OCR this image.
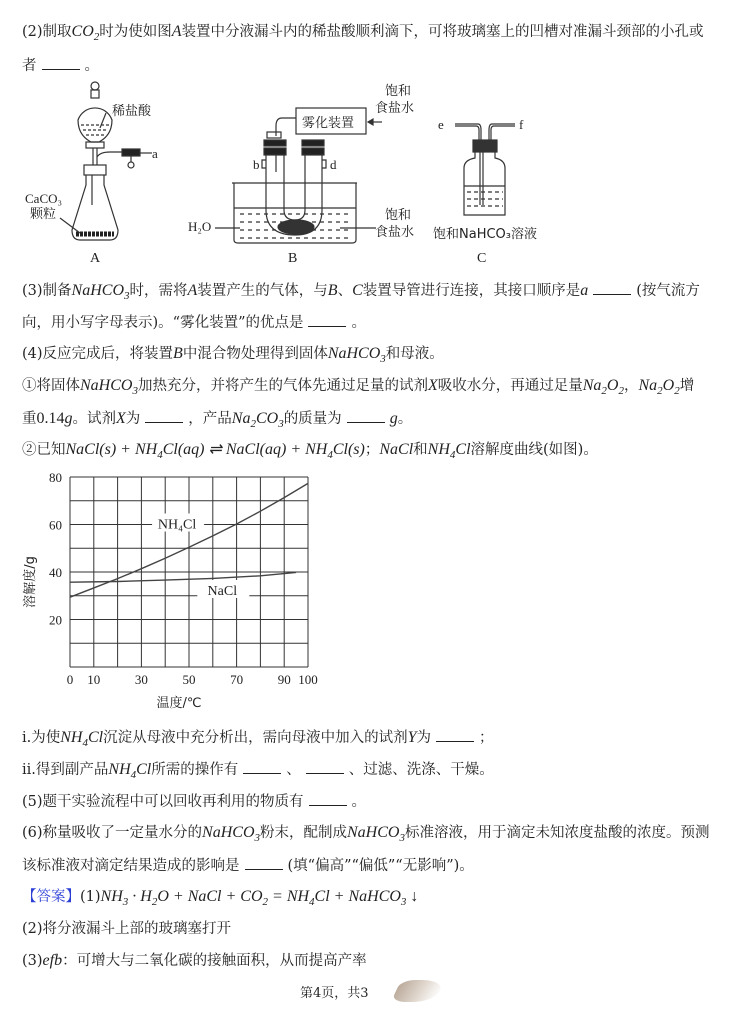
(2)制取$CO_2$时为使如图A装置中分液漏斗内的稀盐酸顺利滴下，可将玻璃塞上的凹槽对准漏斗颈部的小孔或
者	。
(3)制备NaHCO$_3$时，需将A装置产生的气体，与B、C装置导管进行连接，其接口顺序是a	(按气流方
向，用小写字母表示)。“雾化装置”的优点是	。
(4)反应完成后，将装置B中混合物处理得到固体NaHCO$_3$和母液。
①将固体NaHCO$_3$加热充分，并将产生的气体先通过足量的试剂X吸收水分，再通过足量$Na_2O_2$，$Na_2O_2$增
重0.14g。试剂X为	，产品$Na_2CO_3$的质量为	g。
②已知NaCl(s) + $NH_4Cl(aq)$ ⇌ NaCl(aq) + $NH_4Cl(s)$；NaCl和$NH_4Cl$溶解度曲线(如图)。
ⅰ.为使$NH_4Cl$沉淀从母液中充分析出，需向母液中加入的试剂Y为	；
ⅱ.得到副产品$NH_4Cl$所需的操作有	、	、过滤、洗涤、干燥。
(5)题干实验流程中可以回收再利用的物质有	。
(6)称量吸收了一定量水分的NaHCO$_3$粉末，配制成NaHCO$_3$标准溶液，用于滴定未知浓度盐酸的浓度。预测
该标准液对滴定结果造成的影响是	(填“偏高”“偏低”“无影响”)。
【答案】$(1)NH_3 \cdot H_2O$ + NaCl + $CO_2 = NH_4Cl$ + NaHCO$_3$ ↓
(2)将分液漏斗上部的玻璃塞打开
(3)efb：可增大与二氧化碳的接触面积，从而提高产率
稀盐酸
a
CaCO₃
颗粒
A
雾化装置
饱和
食盐水
b	d
H₂O
饱和
食盐水
B
e	f
饱和NaHCO₃溶液
C
0 10	30	50	70	90 100
20
40
60
80
温度/℃
溶解度/g
NH₄Cl
NaCl
第4页，共3
